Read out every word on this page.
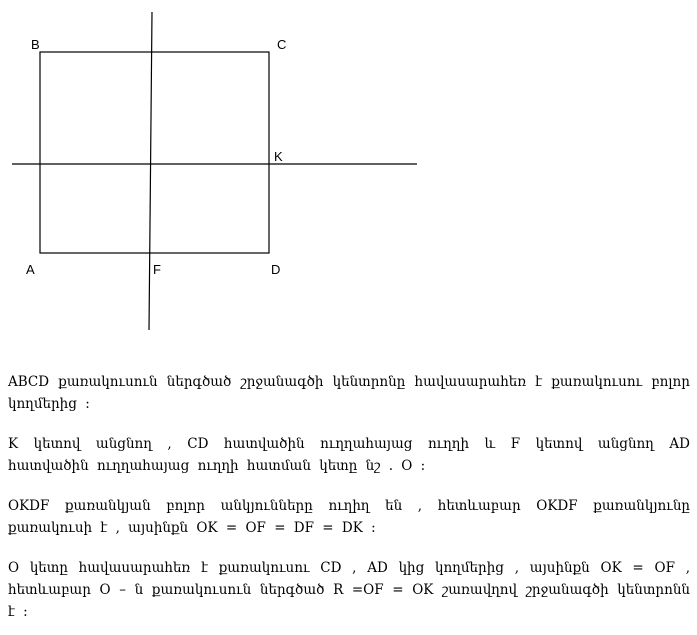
B	C
K
A	F	D
ABCD քառակուսուն ներգծած շրջանագծի կենտրոնը հավասարահեռ է քառակուսու բոլոր կողմերից ։
K կետով անցնող , CD հատվածին ուղղահայաց ուղղի և F կետով անցնող AD հատվածին ուղղահայաց ուղղի հատման կետը նշ . O ։
OKDF քառանկյան բոլոր անկյունները ուղիղ են , հետևաբար OKDF քառանկյունը քառակուսի է , այսինքն OK = OF = DF = DK ։
O կետը հավասարահեռ է քառակուսու CD , AD կից կողմերից , այսինքն OK = OF , հետևաբար O – ն քառակուսուն ներգծած R =OF = OK շառավղով շրջանագծի կենտրոնն է ։
